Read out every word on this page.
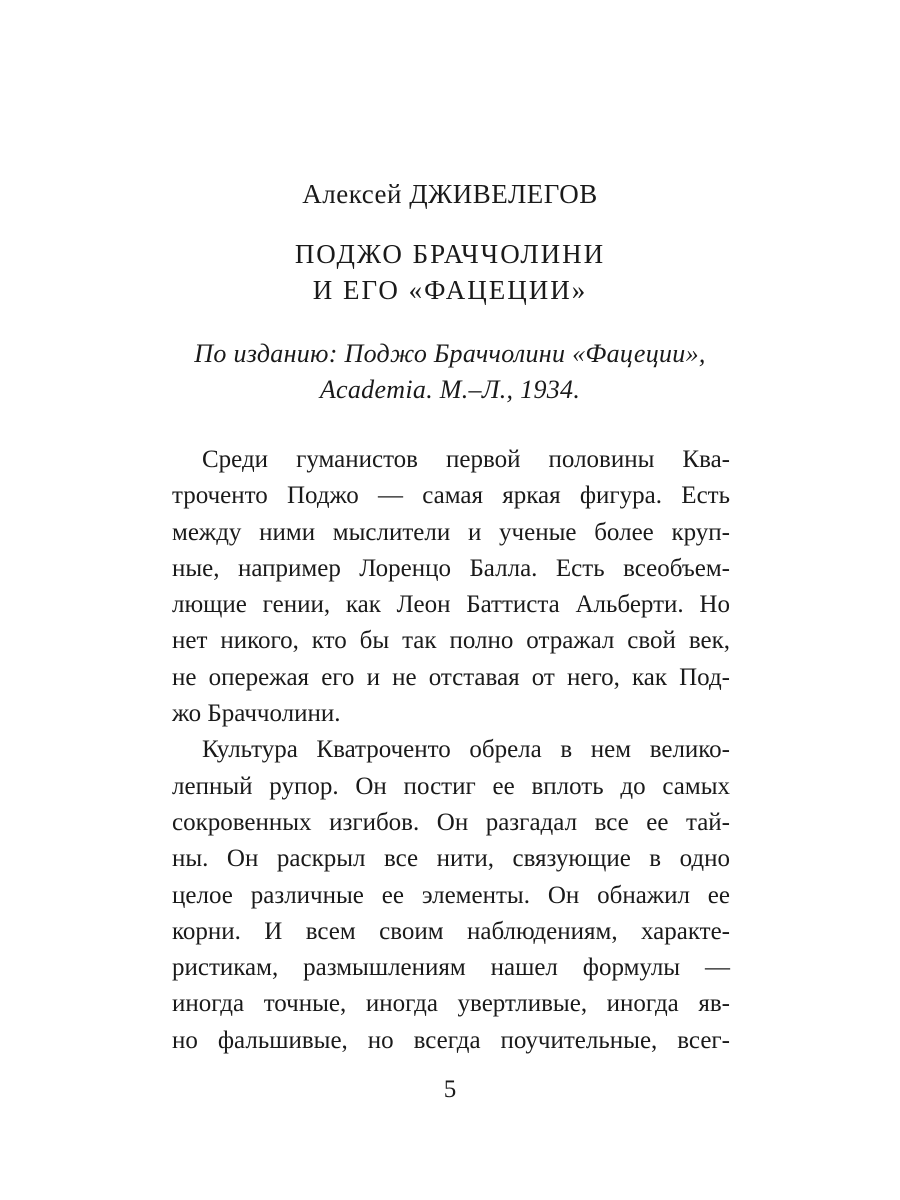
Алексей ДЖИВЕЛЕГОВ

ПОДЖО БРАЧЧОЛИНИ
И ЕГО «ФАЦЕЦИИ»

По изданию: Поджо Браччолини «Фацеции»,
Academia. М.–Л., 1934.

Среди гуманистов первой половины Ква-
троченто Поджо — самая яркая фигура. Есть
между ними мыслители и ученые более круп-
ные, например Лоренцо Балла. Есть всеобъем-
лющие гении, как Леон Баттиста Альберти. Но
нет никого, кто бы так полно отражал свой век,
не опережая его и не отставая от него, как Под-
жо Браччолини.

Культура Кватроченто обрела в нем велико-
лепный рупор. Он постиг ее вплоть до самых
сокровенных изгибов. Он разгадал все ее тай-
ны. Он раскрыл все нити, связующие в одно
целое различные ее элементы. Он обнажил ее
корни. И всем своим наблюдениям, характе-
ристикам, размышлениям нашел формулы —
иногда точные, иногда увертливые, иногда яв-
но фальшивые, но всегда поучительные, всег-

5
